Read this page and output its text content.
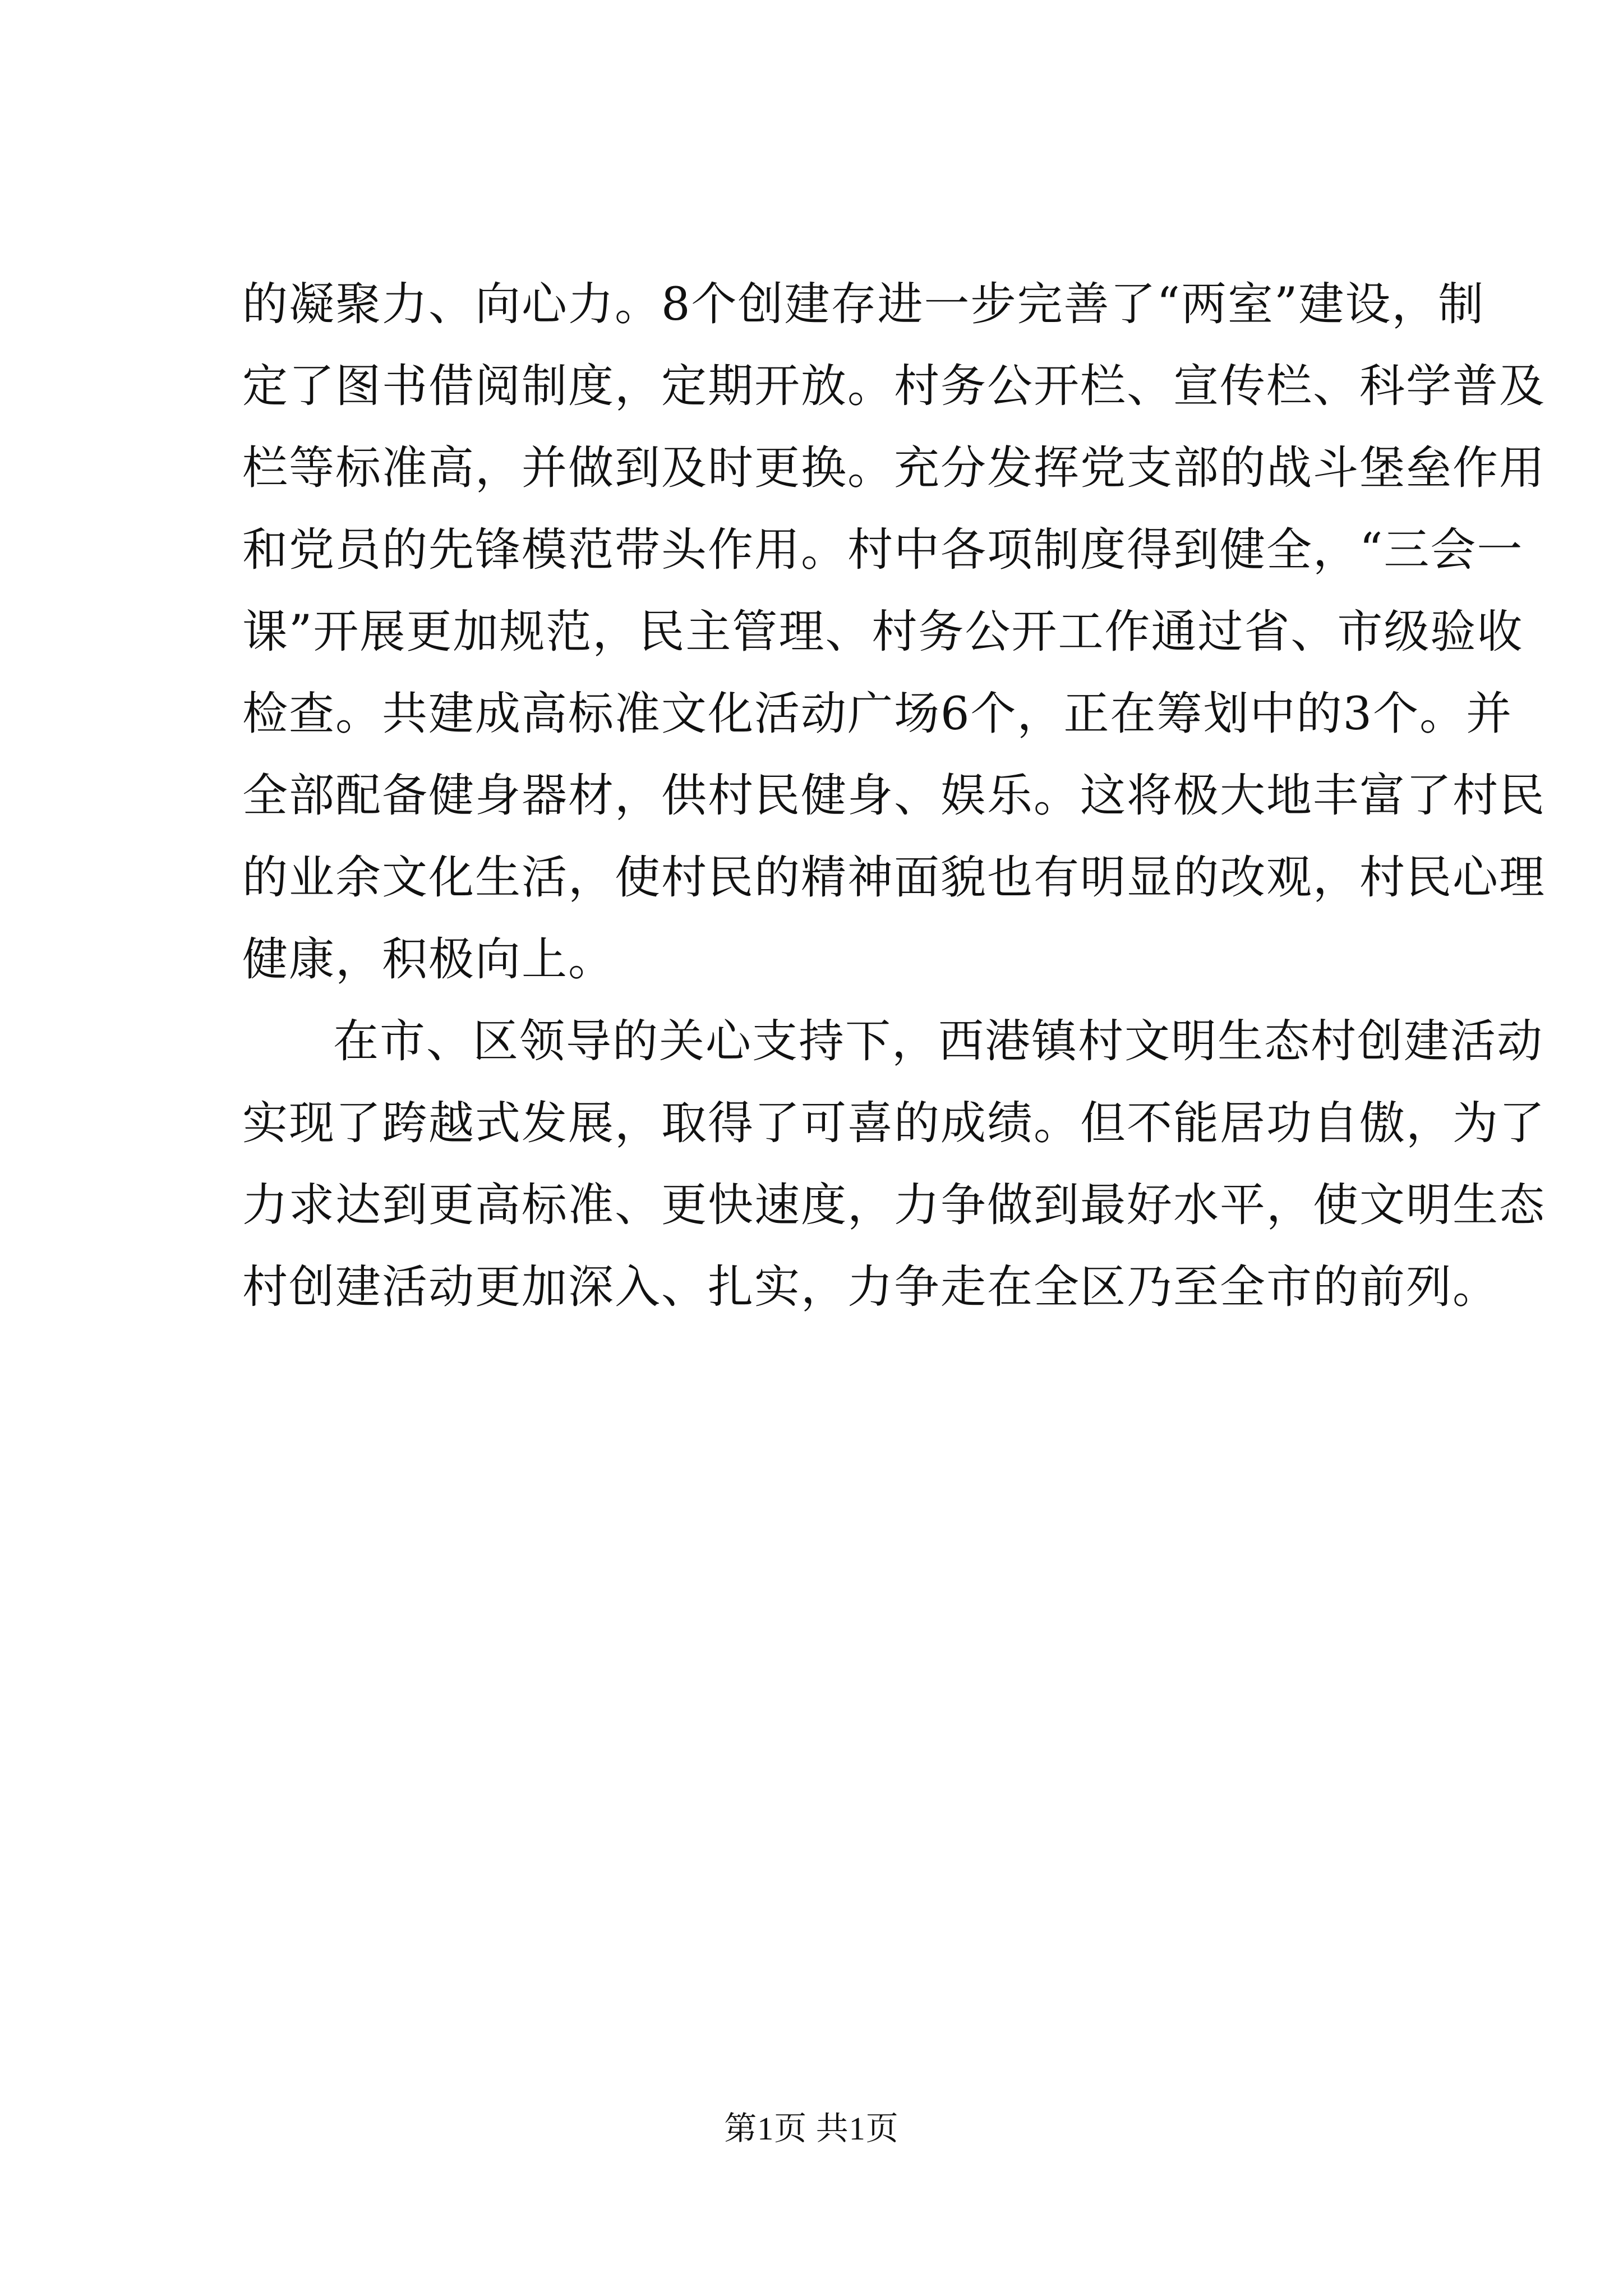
的凝聚力、向心力。8个创建存进一步完善了“两室”建设，制
定了图书借阅制度，定期开放。村务公开栏、宣传栏、科学普及
栏等标准高，并做到及时更换。充分发挥党支部的战斗堡垒作用
和党员的先锋模范带头作用。村中各项制度得到健全，“三会一
课”开展更加规范，民主管理、村务公开工作通过省、市级验收
检查。共建成高标准文化活动广场6个，正在筹划中的3个。并
全部配备健身器材，供村民健身、娱乐。这将极大地丰富了村民
的业余文化生活，使村民的精神面貌也有明显的改观，村民心理
健康，积极向上。
在市、区领导的关心支持下，西港镇村文明生态村创建活动
实现了跨越式发展，取得了可喜的成绩。但不能居功自傲，为了
力求达到更高标准、更快速度，力争做到最好水平，使文明生态
村创建活动更加深入、扎实，力争走在全区乃至全市的前列。
第1页 共1页
